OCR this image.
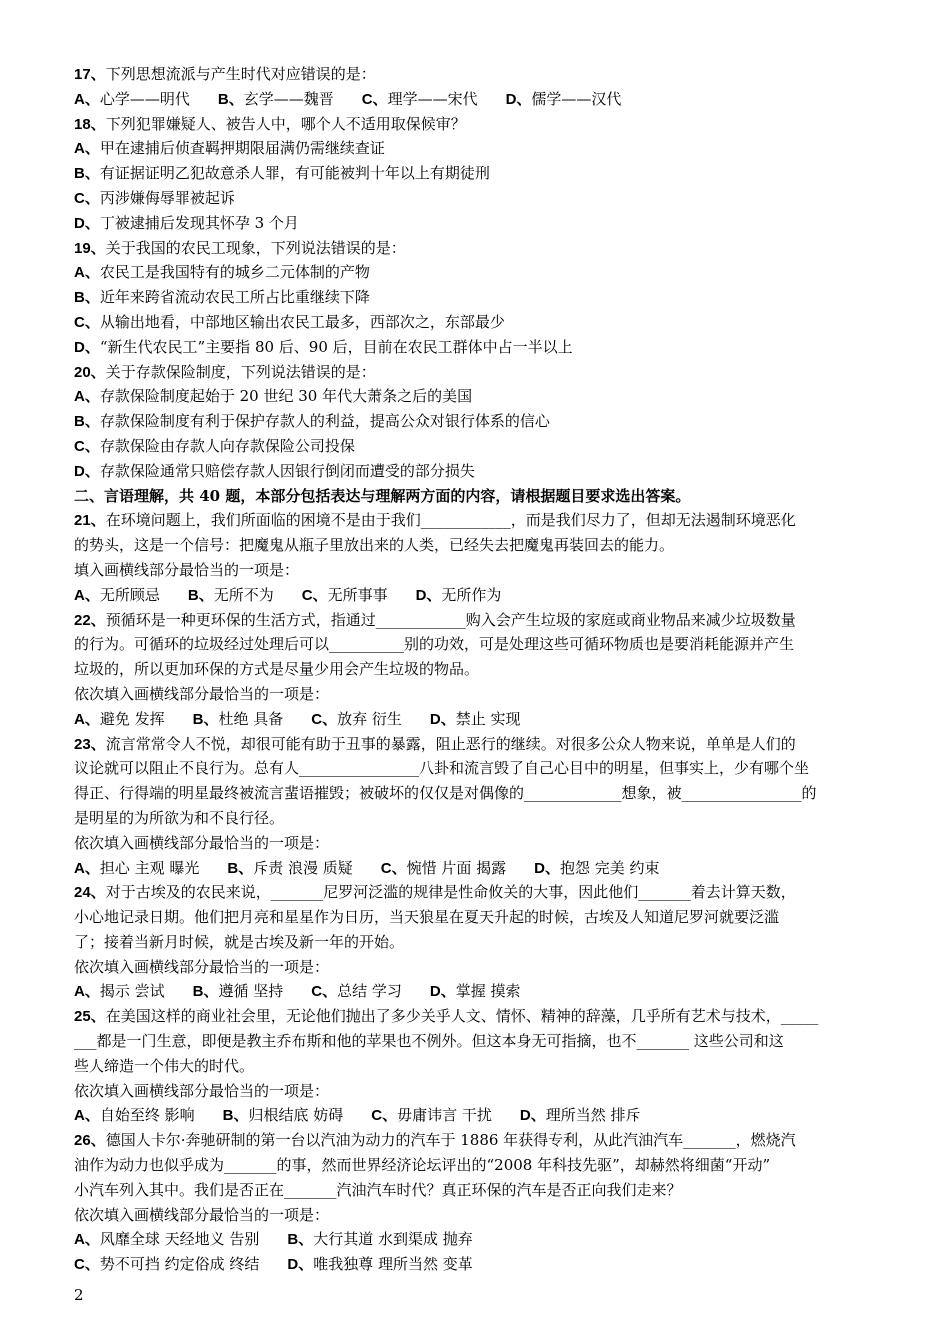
17、下列思想流派与产生时代对应错误的是：
A、心学——明代 B、玄学——魏晋 C、理学——宋代 D、儒学——汉代
18、下列犯罪嫌疑人、被告人中，哪个人不适用取保候审？
A、甲在逮捕后侦查羁押期限届满仍需继续查证
B、有证据证明乙犯故意杀人罪，有可能被判十年以上有期徒刑
C、丙涉嫌侮辱罪被起诉
D、丁被逮捕后发现其怀孕 3 个月
19、关于我国的农民工现象，下列说法错误的是：
A、农民工是我国特有的城乡二元体制的产物
B、近年来跨省流动农民工所占比重继续下降
C、从输出地看，中部地区输出农民工最多，西部次之，东部最少
D、“新生代农民工”主要指 80 后、90 后，目前在农民工群体中占一半以上
20、关于存款保险制度，下列说法错误的是：
A、存款保险制度起始于 20 世纪 30 年代大萧条之后的美国
B、存款保险制度有利于保护存款人的利益，提高公众对银行体系的信心
C、存款保险由存款人向存款保险公司投保
D、存款保险通常只赔偿存款人因银行倒闭而遭受的部分损失
二、言语理解，共 40 题，本部分包括表达与理解两方面的内容，请根据题目要求选出答案。
21、在环境问题上，我们所面临的困境不是由于我们____________，而是我们尽力了，但却无法遏制环境恶化
的势头，这是一个信号：把魔鬼从瓶子里放出来的人类，已经失去把魔鬼再装回去的能力。
填入画横线部分最恰当的一项是：
A、无所顾忌 B、无所不为 C、无所事事 D、无所作为
22、预循环是一种更环保的生活方式，指通过____________购入会产生垃圾的家庭或商业物品来减少垃圾数量
的行为。可循环的垃圾经过处理后可以__________别的功效，可是处理这些可循环物质也是要消耗能源并产生
垃圾的，所以更加环保的方式是尽量少用会产生垃圾的物品。
依次填入画横线部分最恰当的一项是：
A、避免 发挥 B、杜绝 具备 C、放弃 衍生 D、禁止 实现
23、流言常常令人不悦，却很可能有助于丑事的暴露，阻止恶行的继续。对很多公众人物来说，单单是人们的
议论就可以阻止不良行为。总有人________________八卦和流言毁了自己心目中的明星，但事实上，少有哪个坐
得正、行得端的明星最终被流言蜚语摧毁；被破坏的仅仅是对偶像的_____________想象，被________________的
是明星的为所欲为和不良行径。
依次填入画横线部分最恰当的一项是：
A、担心 主观 曝光 B、斥责 浪漫 质疑 C、惋惜 片面 揭露 D、抱怨 完美 约束
24、对于古埃及的农民来说，_______尼罗河泛滥的规律是性命攸关的大事，因此他们_______着去计算天数，
小心地记录日期。他们把月亮和星星作为日历，当天狼星在夏天升起的时候，古埃及人知道尼罗河就要泛滥
了；接着当新月时候，就是古埃及新一年的开始。
依次填入画横线部分最恰当的一项是：
A、揭示 尝试 B、遵循 坚持 C、总结 学习 D、掌握 摸索
25、在美国这样的商业社会里，无论他们抛出了多少关乎人文、情怀、精神的辞藻，几乎所有艺术与技术，_____
___都是一门生意，即便是教主乔布斯和他的苹果也不例外。但这本身无可指摘，也不_______ 这些公司和这
些人缔造一个伟大的时代。
依次填入画横线部分最恰当的一项是：
A、自始至终 影响 B、归根结底 妨碍 C、毋庸讳言 干扰 D、理所当然 排斥
26、德国人卡尔·奔驰研制的第一台以汽油为动力的汽车于 1886 年获得专利，从此汽油汽车_______，燃烧汽
油作为动力也似乎成为_______的事，然而世界经济论坛评出的“2008 年科技先驱”，却赫然将细菌“开动”
小汽车列入其中。我们是否正在_______汽油汽车时代？真正环保的汽车是否正向我们走来？
依次填入画横线部分最恰当的一项是：
A、风靡全球 天经地义 告别 B、大行其道 水到渠成 抛弃
C、势不可挡 约定俗成 终结 D、唯我独尊 理所当然 变革
2
